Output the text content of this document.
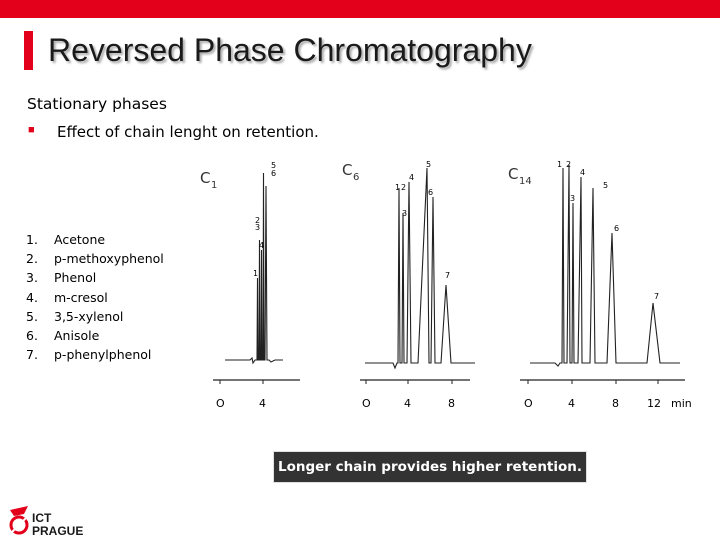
Reversed Phase Chromatography
Stationary phases
■ Effect of chain lenght on retention.
1. Acetone
2. p-methoxyphenol
3. Phenol
4. m-cresol
5. 3,5-xylenol
6. Anisole
7. p-phenylphenol
C 1
1
2
3
4
5
6
O	4
C 6
1 2
3
4
5
6
7
O	4	8
C 14
1 2
3
4
5
6
7
O	4	8	12 min
Longer chain provides higher retention.
ICT
PRAGUE
